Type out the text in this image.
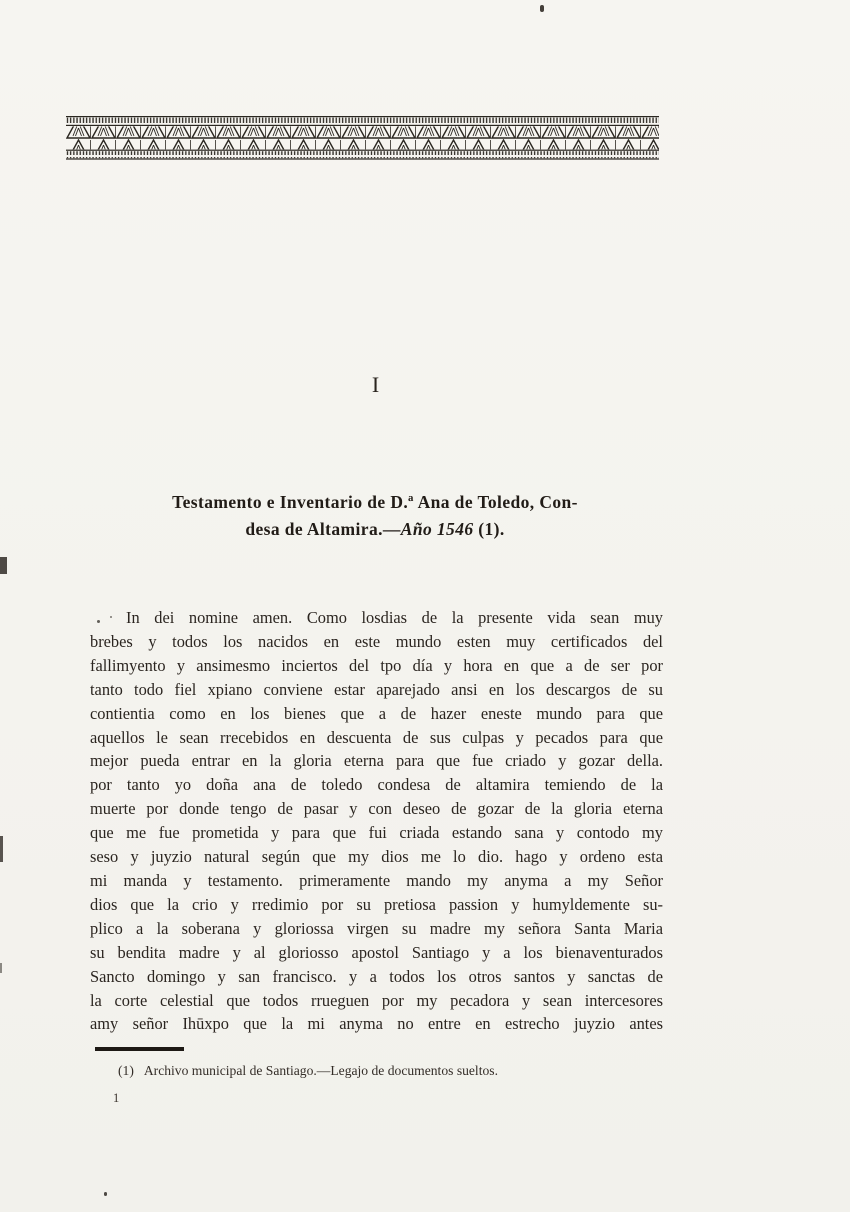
I
Testamento e Inventario de D.ª Ana de Toledo, Con-
desa de Altamira.—Año 1546 (1).
In dei nomine amen. Como losdias de la presente vida sean muy
brebes y todos los nacidos en este mundo esten muy certificados del
fallimyento y ansimesmo inciertos del tpo día y hora en que a de ser por
tanto todo fiel xpiano conviene estar aparejado ansi en los descargos de su
contientia como en los bienes que a de hazer eneste mundo para que
aquellos le sean rrecebidos en descuenta de sus culpas y pecados para que
mejor pueda entrar en la gloria eterna para que fue criado y gozar della.
por tanto yo doña ana de toledo condesa de altamira temiendo de la
muerte por donde tengo de pasar y con deseo de gozar de la gloria eterna
que me fue prometida y para que fui criada estando sana y contodo my
seso y juyzio natural según que my dios me lo dio. hago y ordeno esta
mi manda y testamento. primeramente mando my anyma a my Señor
dios que la crio y rredimio por su pretiosa passion y humyldemente su-
plico a la soberana y gloriossa virgen su madre my señora Santa Maria
su bendita madre y al gloriosso apostol Santiago y a los bienaventurados
Sancto domingo y san francisco. y a todos los otros santos y sanctas de
la corte celestial que todos rrueguen por my pecadora y sean intercesores
amy señor Ihūxpo que la mi anyma no entre en estrecho juyzio antes
(1) Archivo municipal de Santiago.—Legajo de documentos sueltos.
1
